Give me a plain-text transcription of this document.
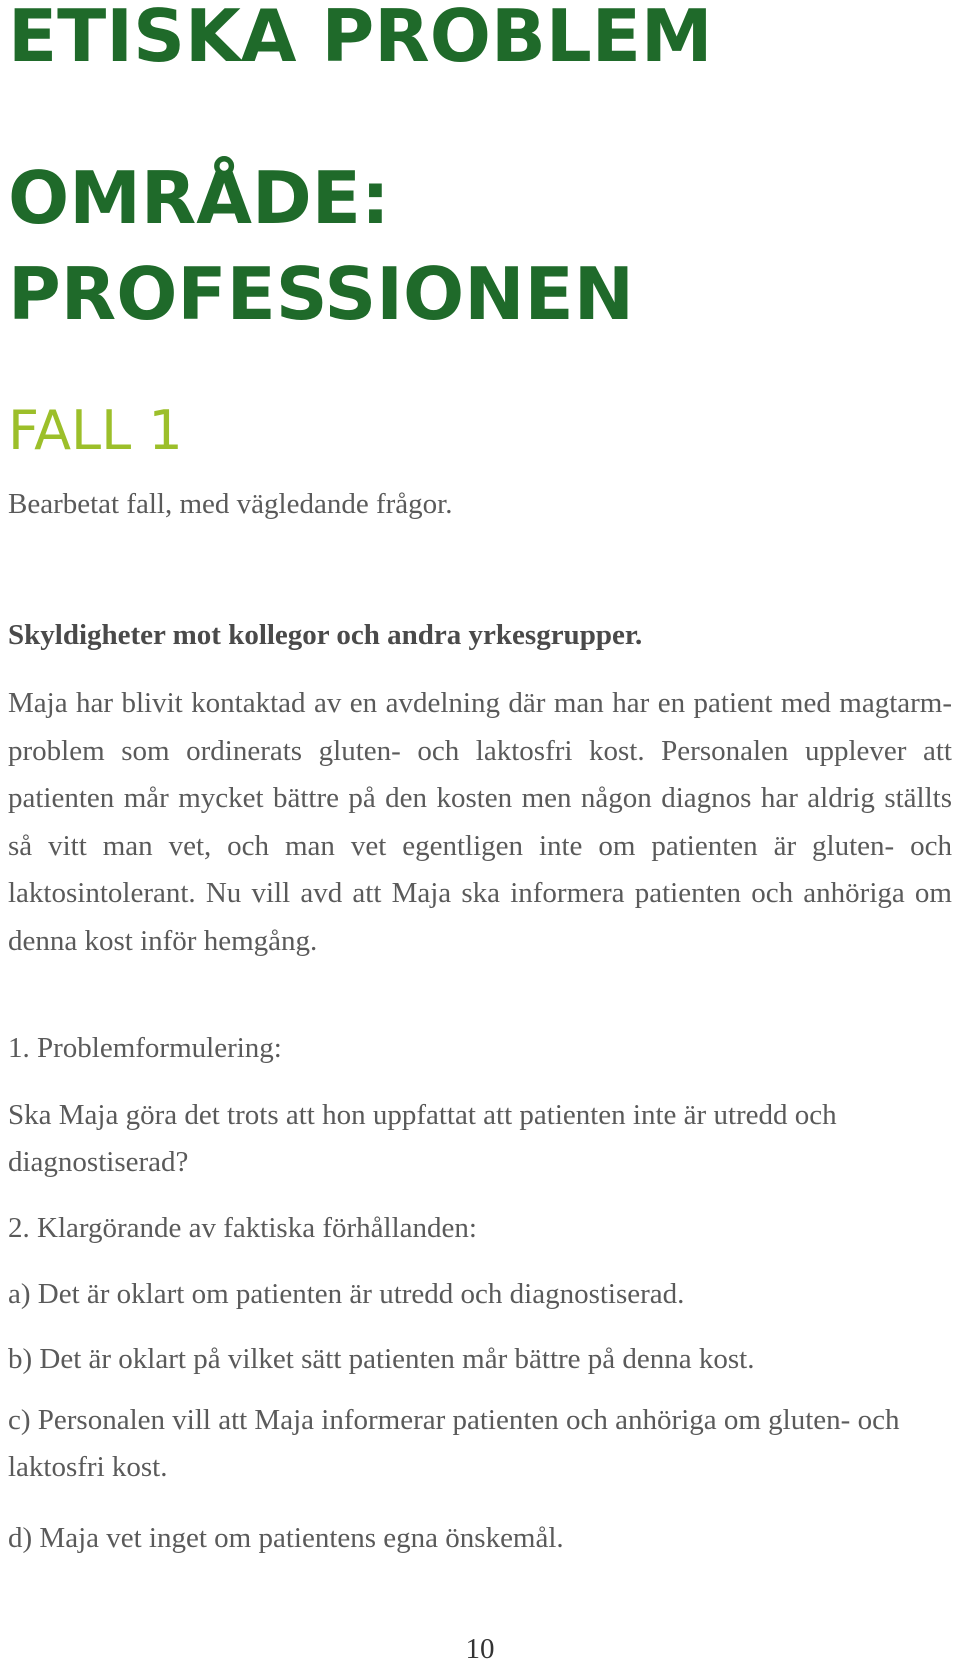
ETISKA PROBLEM
OMRÅDE:
PROFESSIONEN
FALL 1
Bearbetat fall, med vägledande frågor.
Skyldigheter mot kollegor och andra yrkesgrupper.

Maja har blivit kontaktad av en avdelning där man har en patient med magtarm-problem som ordinerats gluten- och laktosfri kost. Personalen upplever att patienten mår mycket bättre på den kosten men någon diagnos har aldrig ställts så vitt man vet, och man vet egentligen inte om patienten är gluten- och laktosintolerant. Nu vill avd att Maja ska informera patienten och anhöriga om denna kost inför hemgång.

1. Problemformulering:

Ska Maja göra det trots att hon uppfattat att patienten inte är utredd och diagnostiserad?

2. Klargörande av faktiska förhållanden:
a) Det är oklart om patienten är utredd och diagnostiserad.
b) Det är oklart på vilket sätt patienten mår bättre på denna kost.

c) Personalen vill att Maja informerar patienten och anhöriga om gluten- och laktosfri kost.

d) Maja vet inget om patientens egna önskemål.
10
